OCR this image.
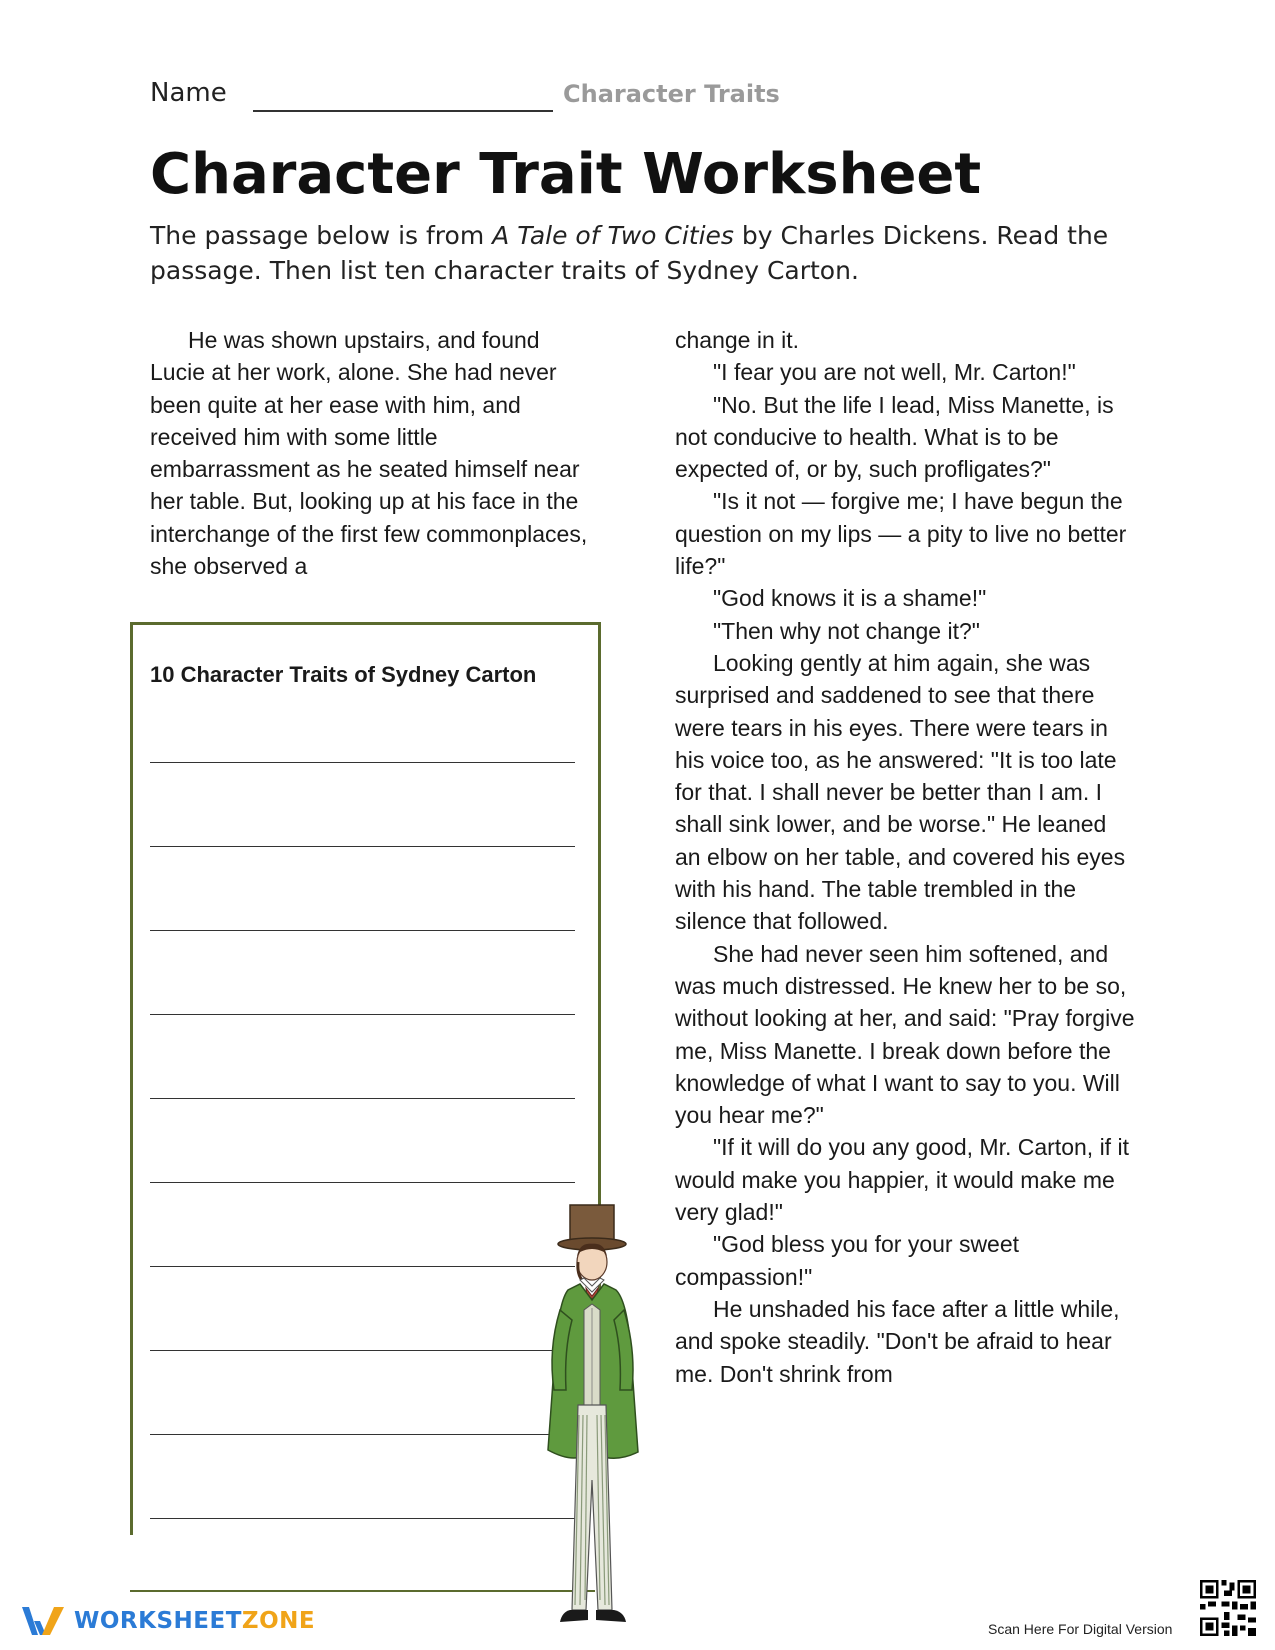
Name	Character Traits
Character Trait Worksheet
The passage below is from A Tale of Two Cities by Charles Dickens. Read the passage. Then list ten character traits of Sydney Carton.

He was shown upstairs, and found Lucie at her work, alone. She had never been quite at her ease with him, and received him with some little embarrassment as he seated himself near her table. But, looking up at his face in the interchange of the first few commonplaces, she observed a

change in it.

"I fear you are not well, Mr. Carton!"

"No. But the life I lead, Miss Manette, is not conducive to health. What is to be expected of, or by, such profligates?"

"Is it not — forgive me; I have begun the question on my lips — a pity to live no better life?"

"God knows it is a shame!"

"Then why not change it?"

Looking gently at him again, she was surprised and saddened to see that there were tears in his eyes. There were tears in his voice too, as he answered: "It is too late for that. I shall never be better than I am. I shall sink lower, and be worse." He leaned an elbow on her table, and covered his eyes with his hand. The table trembled in the silence that followed.

She had never seen him softened, and was much distressed. He knew her to be so, without looking at her, and said: "Pray forgive me, Miss Manette. I break down before the knowledge of what I want to say to you. Will you hear me?"

"If it will do you any good, Mr. Carton, if it would make you happier, it would make me very glad!"

"God bless you for your sweet compassion!"

He unshaded his face after a little while, and spoke steadily. "Don't be afraid to hear me. Don't shrink from

10 Character Traits of Sydney Carton
WORKSHEETZONE	Scan Here For Digital Version
